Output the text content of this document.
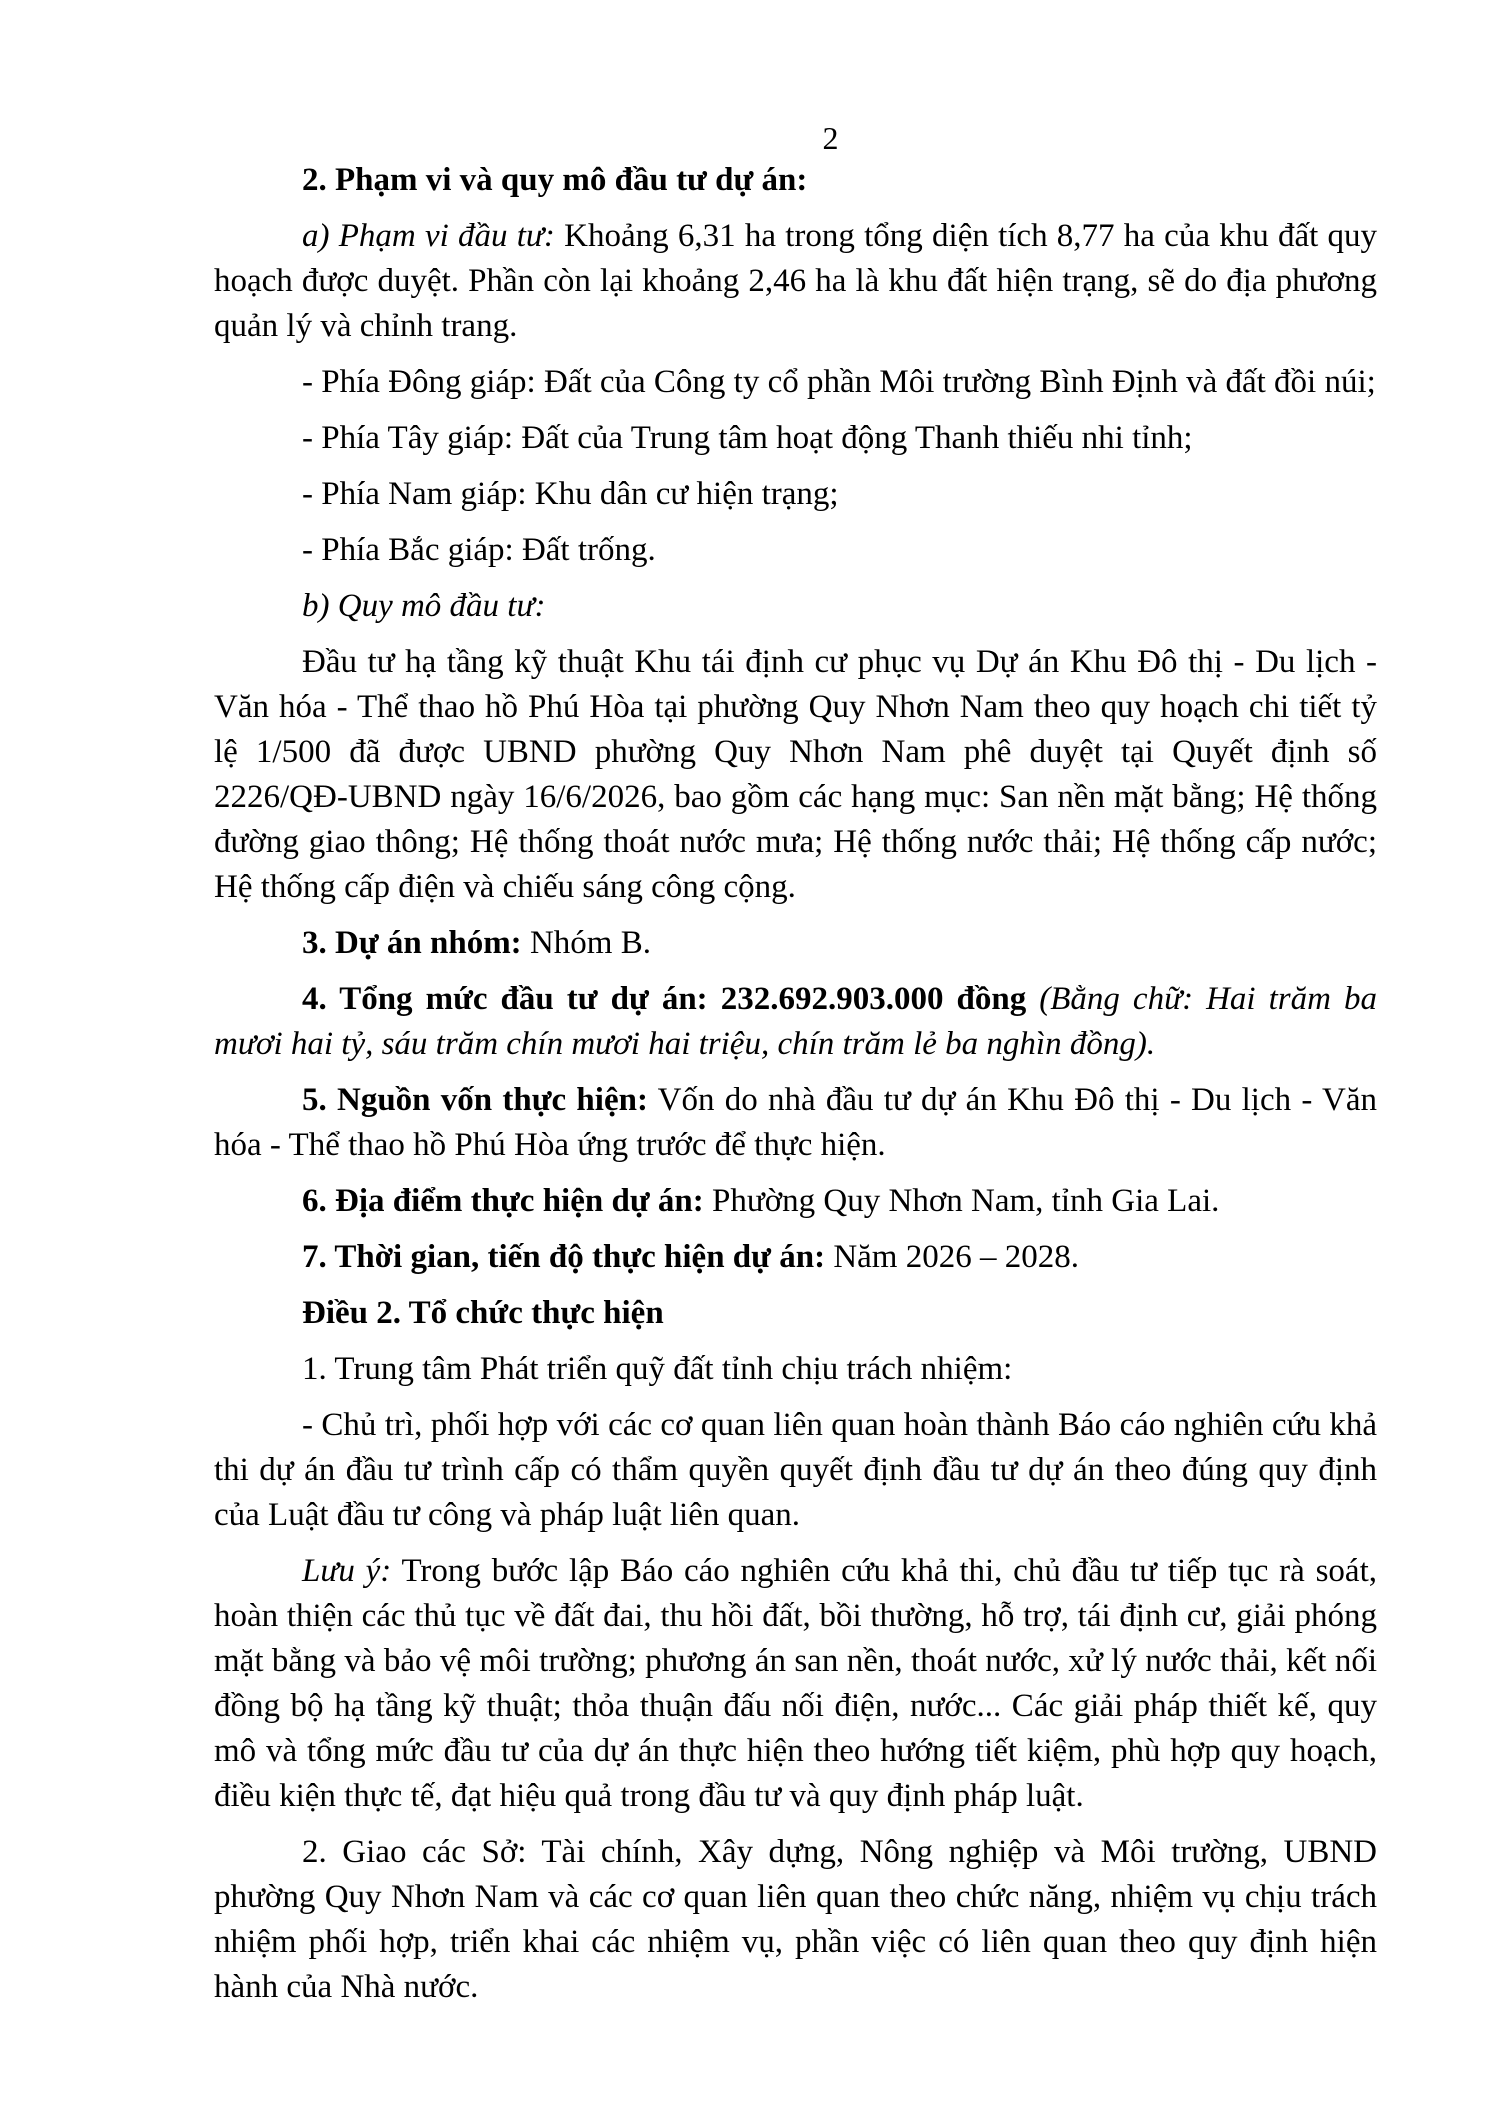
2

2. Phạm vi và quy mô đầu tư dự án:

a) Phạm vi đầu tư: Khoảng 6,31 ha trong tổng diện tích 8,77 ha của khu đất quy hoạch được duyệt. Phần còn lại khoảng 2,46 ha là khu đất hiện trạng, sẽ do địa phương quản lý và chỉnh trang.

- Phía Đông giáp: Đất của Công ty cổ phần Môi trường Bình Định và đất đồi núi;

- Phía Tây giáp: Đất của Trung tâm hoạt động Thanh thiếu nhi tỉnh;

- Phía Nam giáp: Khu dân cư hiện trạng;

- Phía Bắc giáp: Đất trống.

b) Quy mô đầu tư:

Đầu tư hạ tầng kỹ thuật Khu tái định cư phục vụ Dự án Khu Đô thị - Du lịch - Văn hóa - Thể thao hồ Phú Hòa tại phường Quy Nhơn Nam theo quy hoạch chi tiết tỷ lệ 1/500 đã được UBND phường Quy Nhơn Nam phê duyệt tại Quyết định số 2226/QĐ-UBND ngày 16/6/2026, bao gồm các hạng mục: San nền mặt bằng; Hệ thống đường giao thông; Hệ thống thoát nước mưa; Hệ thống nước thải; Hệ thống cấp nước; Hệ thống cấp điện và chiếu sáng công cộng.

3. Dự án nhóm: Nhóm B.

4. Tổng mức đầu tư dự án: 232.692.903.000 đồng (Bằng chữ: Hai trăm ba mươi hai tỷ, sáu trăm chín mươi hai triệu, chín trăm lẻ ba nghìn đồng).

5. Nguồn vốn thực hiện: Vốn do nhà đầu tư dự án Khu Đô thị - Du lịch - Văn hóa - Thể thao hồ Phú Hòa ứng trước để thực hiện.

6. Địa điểm thực hiện dự án: Phường Quy Nhơn Nam, tỉnh Gia Lai.

7. Thời gian, tiến độ thực hiện dự án: Năm 2026 – 2028.

Điều 2. Tổ chức thực hiện

1. Trung tâm Phát triển quỹ đất tỉnh chịu trách nhiệm:

- Chủ trì, phối hợp với các cơ quan liên quan hoàn thành Báo cáo nghiên cứu khả thi dự án đầu tư trình cấp có thẩm quyền quyết định đầu tư dự án theo đúng quy định của Luật đầu tư công và pháp luật liên quan.

Lưu ý: Trong bước lập Báo cáo nghiên cứu khả thi, chủ đầu tư tiếp tục rà soát, hoàn thiện các thủ tục về đất đai, thu hồi đất, bồi thường, hỗ trợ, tái định cư, giải phóng mặt bằng và bảo vệ môi trường; phương án san nền, thoát nước, xử lý nước thải, kết nối đồng bộ hạ tầng kỹ thuật; thỏa thuận đấu nối điện, nước... Các giải pháp thiết kế, quy mô và tổng mức đầu tư của dự án thực hiện theo hướng tiết kiệm, phù hợp quy hoạch, điều kiện thực tế, đạt hiệu quả trong đầu tư và quy định pháp luật.

2. Giao các Sở: Tài chính, Xây dựng, Nông nghiệp và Môi trường, UBND phường Quy Nhơn Nam và các cơ quan liên quan theo chức năng, nhiệm vụ chịu trách nhiệm phối hợp, triển khai các nhiệm vụ, phần việc có liên quan theo quy định hiện hành của Nhà nước.
